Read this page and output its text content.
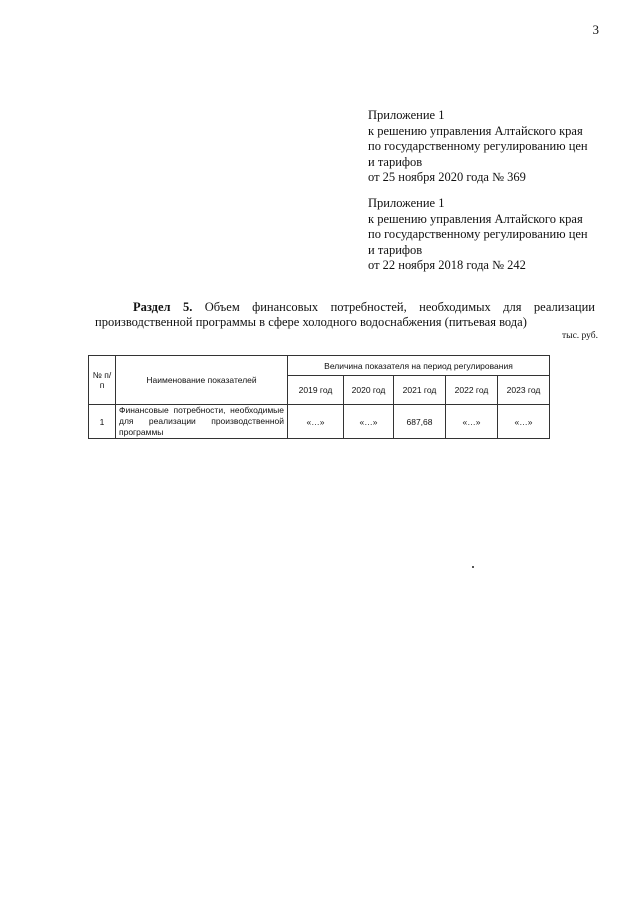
3
Приложение 1
к решению управления Алтайского края
по государственному регулированию цен
и тарифов
от 25 ноября 2020 года № 369
Приложение 1
к решению управления Алтайского края
по государственному регулированию цен
и тарифов
от 22 ноября 2018 года № 242
Раздел 5. Объем финансовых потребностей, необходимых для реализации
производственной программы в сфере холодного водоснабжения (питьевая вода)
тыс. руб.
№ п/п	Наименование показателей	Величина показателя на период регулирования				
		2019 год	2020 год	2021 год	2022 год	2023 год
1	Финансовые потребности, необходимые для реализации производственной программы	«…»	«…»	687,68	«…»	«…»
